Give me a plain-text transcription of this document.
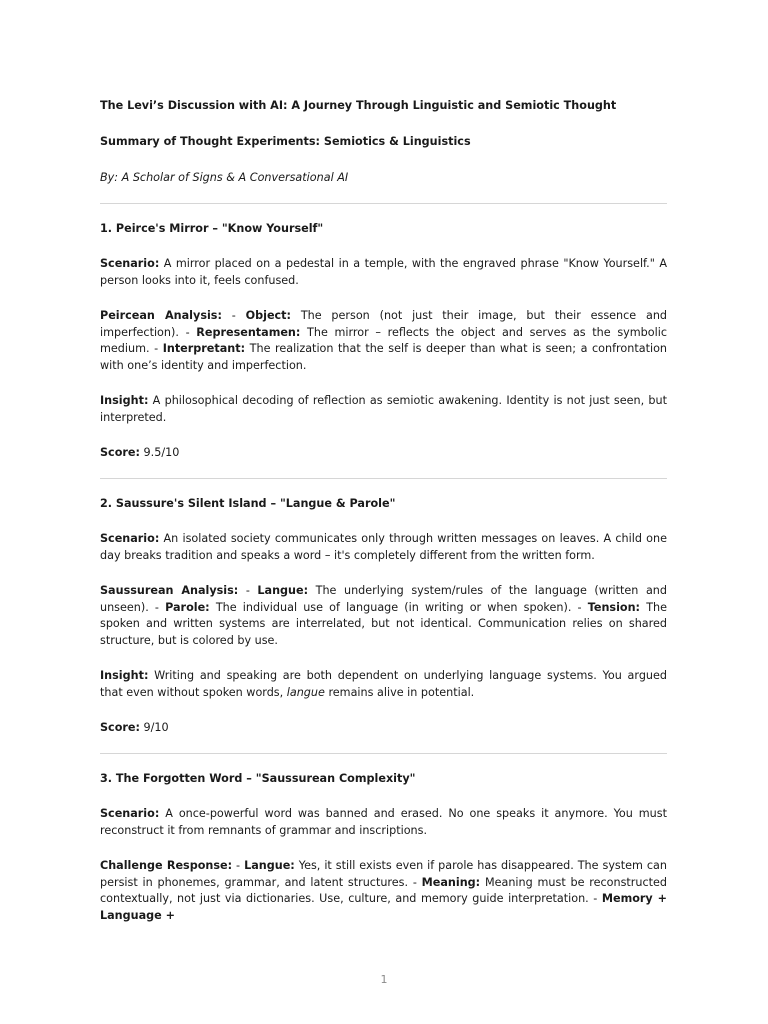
The Levi’s Discussion with AI: A Journey Through Linguistic and Semiotic Thought

Summary of Thought Experiments: Semiotics & Linguistics

By: A Scholar of Signs & A Conversational AI

1. Peirce's Mirror – "Know Yourself"

Scenario: A mirror placed on a pedestal in a temple, with the engraved phrase "Know Yourself." A person looks into it, feels confused.

Peircean Analysis: - Object: The person (not just their image, but their essence and imperfection). - Representamen: The mirror – reflects the object and serves as the symbolic medium. - Interpretant: The realization that the self is deeper than what is seen; a confrontation with one’s identity and imperfection.

Insight: A philosophical decoding of reflection as semiotic awakening. Identity is not just seen, but interpreted.

Score: 9.5/10

2. Saussure's Silent Island – "Langue & Parole"

Scenario: An isolated society communicates only through written messages on leaves. A child one day breaks tradition and speaks a word – it's completely different from the written form.

Saussurean Analysis: - Langue: The underlying system/rules of the language (written and unseen). - Parole: The individual use of language (in writing or when spoken). - Tension: The spoken and written systems are interrelated, but not identical. Communication relies on shared structure, but is colored by use.

Insight: Writing and speaking are both dependent on underlying language systems. You argued that even without spoken words, langue remains alive in potential.

Score: 9/10

3. The Forgotten Word – "Saussurean Complexity"

Scenario: A once-powerful word was banned and erased. No one speaks it anymore. You must reconstruct it from remnants of grammar and inscriptions.

Challenge Response: - Langue: Yes, it still exists even if parole has disappeared. The system can persist in phonemes, grammar, and latent structures. - Meaning: Meaning must be reconstructed contextually, not just via dictionaries. Use, culture, and memory guide interpretation. - Memory + Language +

1
